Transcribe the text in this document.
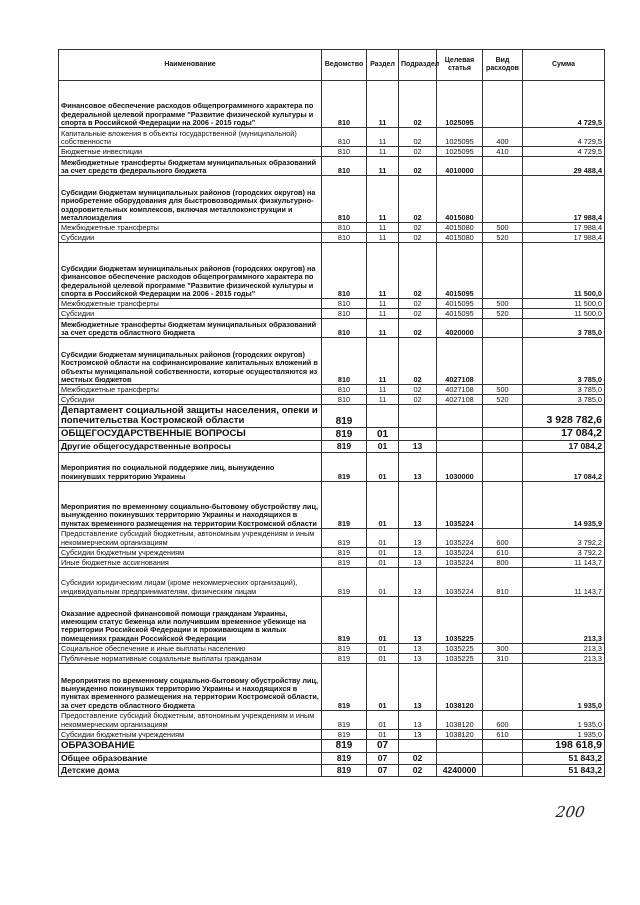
Наименование	Ведомство	Раздел	Подраздел	Целевая статья	Вид расходов	Сумма
Финансовое обеспечение расходов общепрограммного характера по федеральной целевой программе "Развитие физической культуры и спорта в Российской Федерации на 2006 - 2015 годы"	810	11	02	1025095		4 729,5
Капитальные вложения в объекты государственной (муниципальной) собственности	810	11	02	1025095	400	4 729,5
Бюджетные инвестиции	810	11	02	1025095	410	4 729,5
Межбюджетные трансферты бюджетам муниципальных образований за счет средств федерального бюджета	810	11	02	4010000		29 488,4
Субсидии бюджетам муниципальных районов (городских округов) на приобретение оборудования для быстровозводимых физкультурно-оздоровительных комплексов, включая металлоконструкции и металлоизделия	810	11	02	4015080		17 988,4
Межбюджетные трансферты	810	11	02	4015080	500	17 988,4
Субсидии	810	11	02	4015080	520	17 988,4
Субсидии бюджетам муниципальных районов (городских округов) на финансовое обеспечение расходов общепрограммного характера по федеральной целевой программе "Развитие физической культуры и спорта в Российской Федерации на 2006 - 2015 годы"	810	11	02	4015095		11 500,0
Межбюджетные трансферты	810	11	02	4015095	500	11 500,0
Субсидии	810	11	02	4015095	520	11 500,0
Межбюджетные трансферты бюджетам муниципальных образований за счет средств областного бюджета	810	11	02	4020000		3 785,0
Субсидии бюджетам муниципальных районов (городских округов) Костромской области на софинансирование капитальных вложений в объекты муниципальной собственности, которые осуществляются из местных бюджетов	810	11	02	4027108		3 785,0
Межбюджетные трансферты	810	11	02	4027108	500	3 785,0
Субсидии	810	11	02	4027108	520	3 785,0
Департамент социальной защиты населения, опеки и попечительства Костромской области	819					3 928 782,6
ОБЩЕГОСУДАРСТВЕННЫЕ ВОПРОСЫ	819	01				17 084,2
Другие общегосударственные вопросы	819	01	13			17 084,2
Мероприятия по социальной поддержке лиц, вынужденно покинувших территорию Украины	819	01	13	1030000		17 084,2
Мероприятия по временному социально-бытовому обустройству лиц, вынужденно покинувших территорию Украины и находящихся в пунктах временного размещения на территории Костромской области	819	01	13	1035224		14 935,9
Предоставление субсидий бюджетным, автономным учреждениям и иным некоммерческим организациям	819	01	13	1035224	600	3 792,2
Субсидии бюджетным учреждениям	819	01	13	1035224	610	3 792,2
Иные бюджетные ассигнования	819	01	13	1035224	800	11 143,7
Субсидии юридическим лицам (кроме некоммерческих организаций), индивидуальным предпринимателям, физическим лицам	819	01	13	1035224	810	11 143,7
Оказание адресной финансовой помощи гражданам Украины, имеющим статус беженца или получившим временное убежище на территории Российской Федерации и проживающим в жилых помещениях граждан Российской Федерации	819	01	13	1035225		213,3
Социальное обеспечение и иные выплаты населению	819	01	13	1035225	300	213,3
Публичные нормативные социальные выплаты гражданам	819	01	13	1035225	310	213,3
Мероприятия по временному социально-бытовому обустройству лиц, вынужденно покинувших территорию Украины и находящихся в пунктах временного размещения на территории Костромской области, за счет средств областного бюджета	819	01	13	1038120		1 935,0
Предоставление субсидий бюджетным, автономным учреждениям и иным некоммерческим организациям	819	01	13	1038120	600	1 935,0
Субсидии бюджетным учреждениям	819	01	13	1038120	610	1 935,0
ОБРАЗОВАНИЕ	819	07				198 618,9
Общее образование	819	07	02			51 843,2
Детские дома	819	07	02	4240000		51 843,2
200
